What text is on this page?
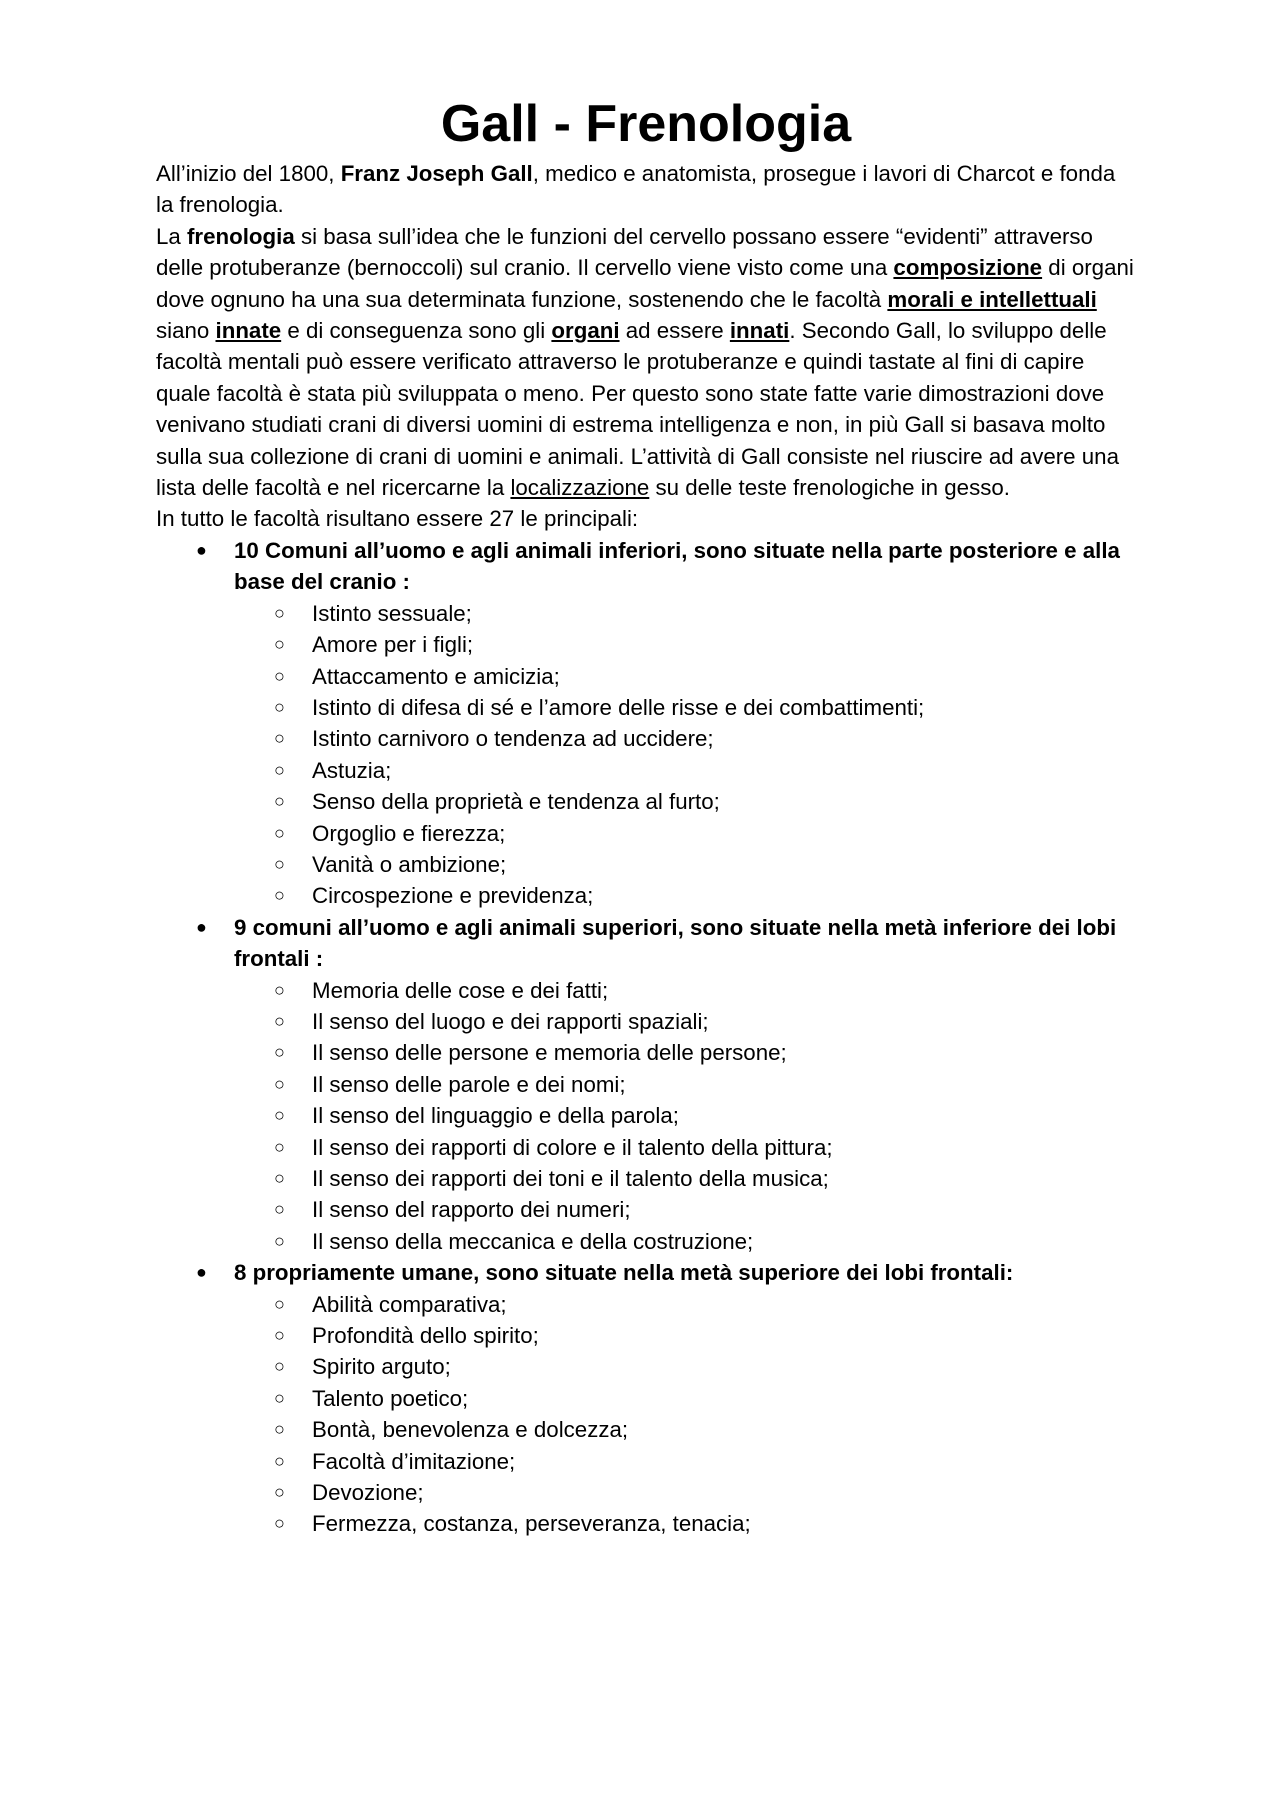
Gall - Frenologia

All’inizio del 1800, Franz Joseph Gall, medico e anatomista, prosegue i lavori di Charcot e fonda la frenologia.

La frenologia si basa sull’idea che le funzioni del cervello possano essere “evidenti” attraverso delle protuberanze (bernoccoli) sul cranio. Il cervello viene visto come una composizione di organi dove ognuno ha una sua determinata funzione, sostenendo che le facoltà morali e intellettuali siano innate e di conseguenza sono gli organi ad essere innati. Secondo Gall, lo sviluppo delle facoltà mentali può essere verificato attraverso le protuberanze e quindi tastate al fini di capire quale facoltà è stata più sviluppata o meno. Per questo sono state fatte varie dimostrazioni dove venivano studiati crani di diversi uomini di estrema intelligenza e non, in più Gall si basava molto sulla sua collezione di crani di uomini e animali. L’attività di Gall consiste nel riuscire ad avere una lista delle facoltà e nel ricercarne la localizzazione su delle teste frenologiche in gesso.

In tutto le facoltà risultano essere 27 le principali:

● 10 Comuni all’uomo e agli animali inferiori, sono situate nella parte posteriore e alla base del cranio :
○ Istinto sessuale;
○ Amore per i figli;
○ Attaccamento e amicizia;
○ Istinto di difesa di sé e l’amore delle risse e dei combattimenti;
○ Istinto carnivoro o tendenza ad uccidere;
○ Astuzia;
○ Senso della proprietà e tendenza al furto;
○ Orgoglio e fierezza;
○ Vanità o ambizione;
○ Circospezione e previdenza;
● 9 comuni all’uomo e agli animali superiori, sono situate nella metà inferiore dei lobi frontali :
○ Memoria delle cose e dei fatti;
○ Il senso del luogo e dei rapporti spaziali;
○ Il senso delle persone e memoria delle persone;
○ Il senso delle parole e dei nomi;
○ Il senso del linguaggio e della parola;
○ Il senso dei rapporti di colore e il talento della pittura;
○ Il senso dei rapporti dei toni e il talento della musica;
○ Il senso del rapporto dei numeri;
○ Il senso della meccanica e della costruzione;
● 8 propriamente umane, sono situate nella metà superiore dei lobi frontali:
○ Abilità comparativa;
○ Profondità dello spirito;
○ Spirito arguto;
○ Talento poetico;
○ Bontà, benevolenza e dolcezza;
○ Facoltà d’imitazione;
○ Devozione;
○ Fermezza, costanza, perseveranza, tenacia;
